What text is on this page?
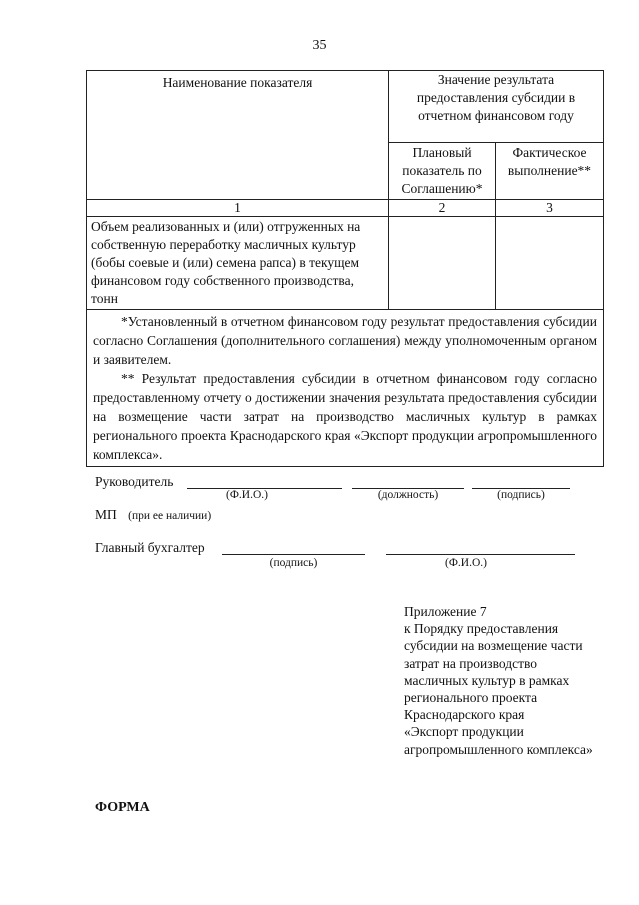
35
Наименование показателя	Значение результата предоставления субсидии в отчетном финансовом году	
	Плановый показатель по Соглашению*	Фактическое выполнение**
1	2	3
Объем реализованных и (или) отгруженных на собственную переработку масличных культур (бобы соевые и (или) семена рапса) в текущем финансовом году собственного производства, тонн		

*Установленный в отчетном финансовом году результат предоставления субсидии согласно Соглашения (дополнительного соглашения) между уполномоченным органом и заявителем.

** Результат предоставления субсидии в отчетном финансовом году согласно предоставленному отчету о достижении значения результата предоставления субсидии на возмещение части затрат на производство масличных культур в рамках регионального проекта Краснодарского края «Экспорт продукции агропромышленного комплекса».		

Руководитель
(Ф.И.О.)	(должность)	(подпись)
МП (при ее наличии)
Главный бухгалтер
(подпись)	(Ф.И.О.)
Приложение 7
к Порядку предоставления
субсидии на возмещение части
затрат на производство
масличных культур в рамках
регионального проекта
Краснодарского края
«Экспорт продукции
агропромышленного комплекса»
ФОРМА
